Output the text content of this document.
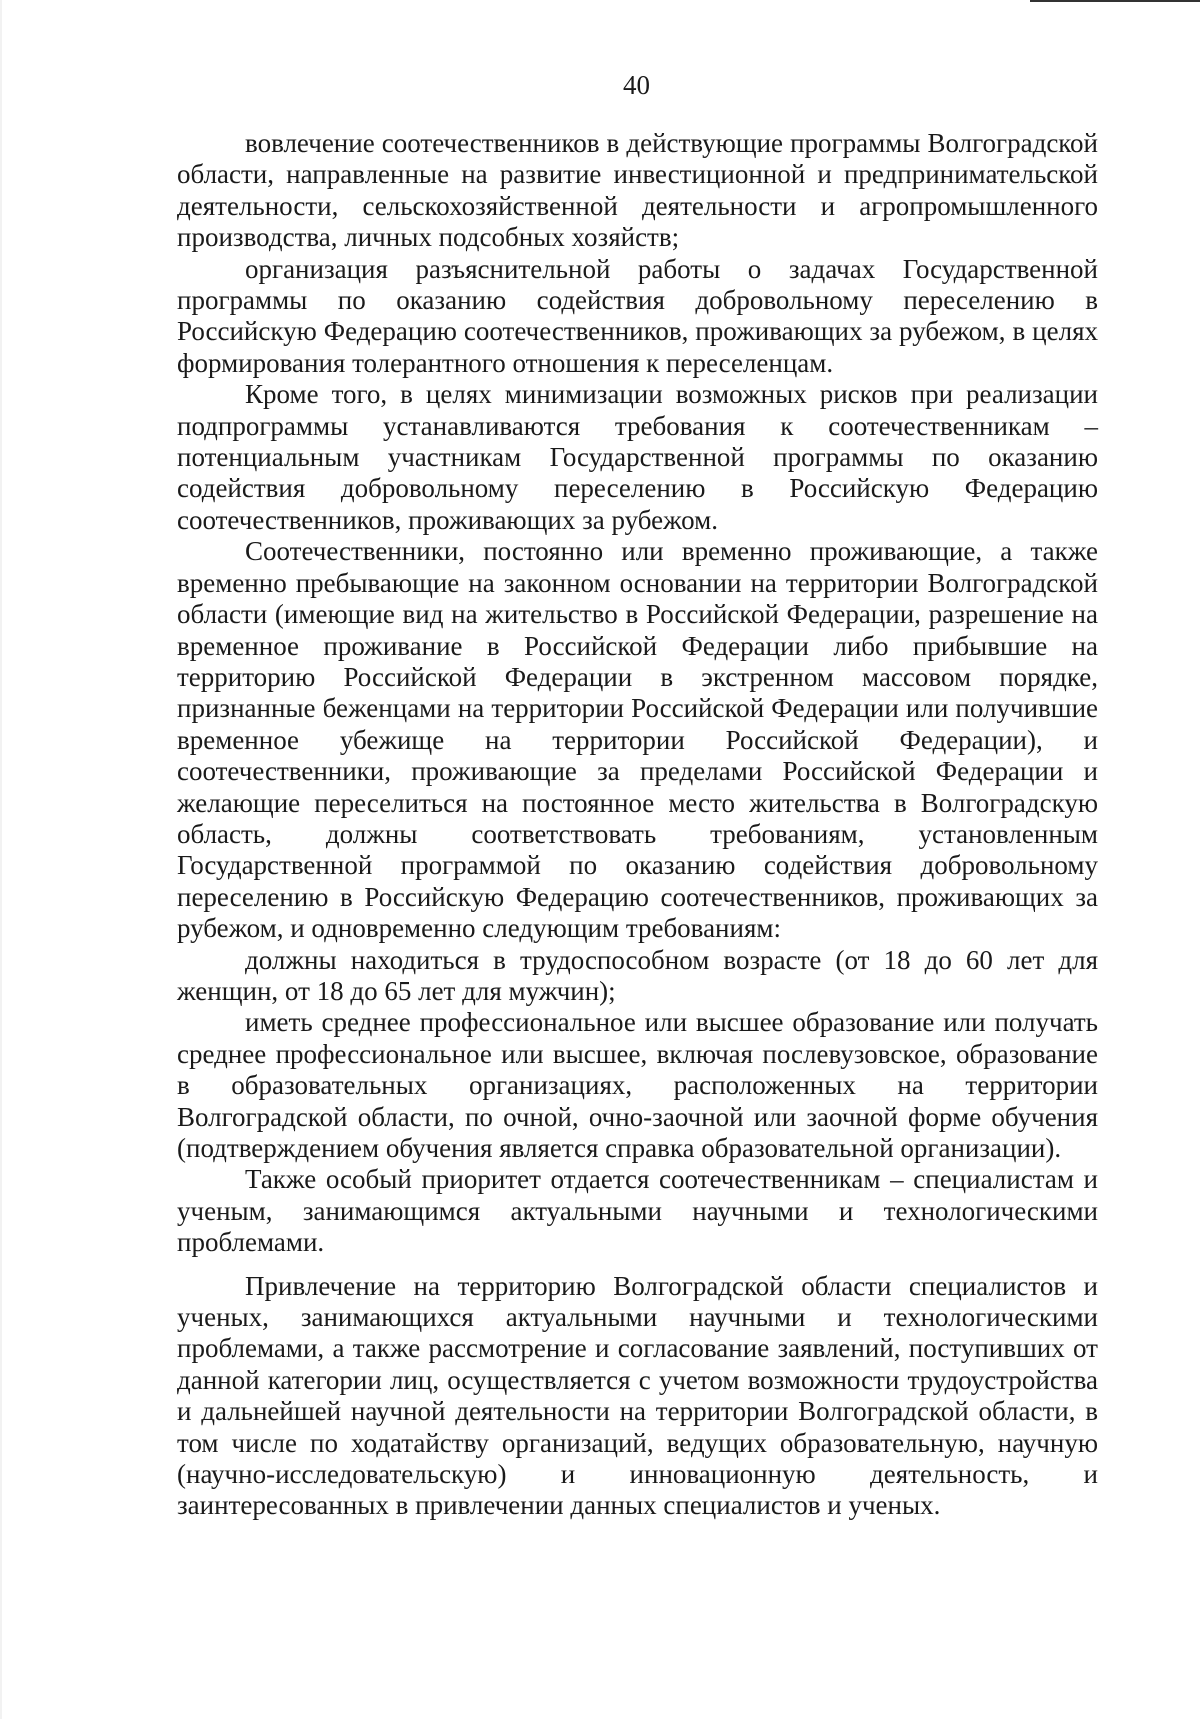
40

вовлечение соотечественников в действующие программы Волгоградской области, направленные на развитие инвестиционной и предпринимательской деятельности, сельскохозяйственной деятельности и агропромышленного производства, личных подсобных хозяйств;

организация разъяснительной работы о задачах Государственной программы по оказанию содействия добровольному переселению в Российскую Федерацию соотечественников, проживающих за рубежом, в целях формирования толерантного отношения к переселенцам.

Кроме того, в целях минимизации возможных рисков при реализации подпрограммы устанавливаются требования к соотечественникам – потенциальным участникам Государственной программы по оказанию содействия добровольному переселению в Российскую Федерацию соотечественников, проживающих за рубежом.

Соотечественники, постоянно или временно проживающие, а также временно пребывающие на законном основании на территории Волгоградской области (имеющие вид на жительство в Российской Федерации, разрешение на временное проживание в Российской Федерации либо прибывшие на территорию Российской Федерации в экстренном массовом порядке, признанные беженцами на территории Российской Федерации или получившие временное убежище на территории Российской Федерации), и соотечественники, проживающие за пределами Российской Федерации и желающие переселиться на постоянное место жительства в Волгоградскую область, должны соответствовать требованиям, установленным Государственной программой по оказанию содействия добровольному переселению в Российскую Федерацию соотечественников, проживающих за рубежом, и одновременно следующим требованиям:

должны находиться в трудоспособном возрасте (от 18 до 60 лет для женщин, от 18 до 65 лет для мужчин);

иметь среднее профессиональное или высшее образование или получать среднее профессиональное или высшее, включая послевузовское, образование в образовательных организациях, расположенных на территории Волгоградской области, по очной, очно-заочной или заочной форме обучения (подтверждением обучения является справка образовательной организации).

Также особый приоритет отдается соотечественникам – специалистам и ученым, занимающимся актуальными научными и технологическими проблемами.

Привлечение на территорию Волгоградской области специалистов и ученых, занимающихся актуальными научными и технологическими проблемами, а также рассмотрение и согласование заявлений, поступивших от данной категории лиц, осуществляется с учетом возможности трудоустройства и дальнейшей научной деятельности на территории Волгоградской области, в том числе по ходатайству организаций, ведущих образовательную, научную (научно-исследовательскую) и инновационную деятельность, и заинтересованных в привлечении данных специалистов и ученых.
